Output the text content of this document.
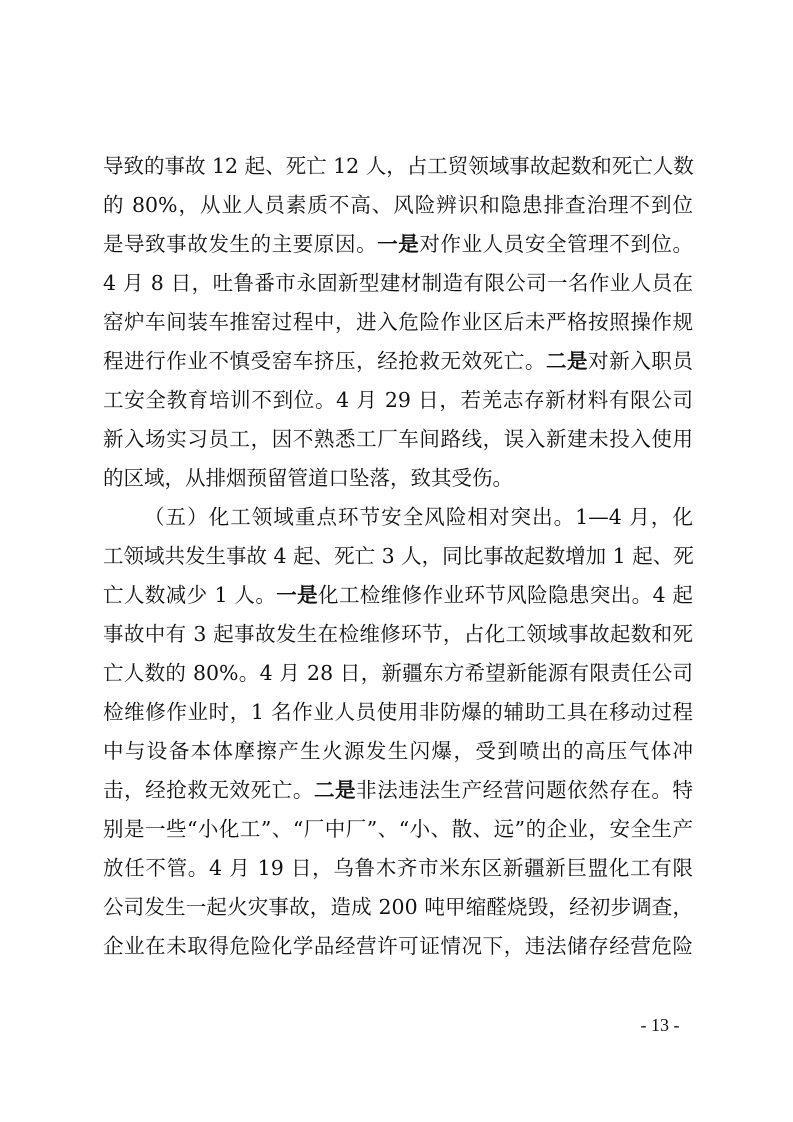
导致的事故 12 起、死亡 12 人，占工贸领域事故起数和死亡人数
的 80%，从业人员素质不高、风险辨识和隐患排查治理不到位
是导致事故发生的主要原因。一是对作业人员安全管理不到位。
4 月 8 日，吐鲁番市永固新型建材制造有限公司一名作业人员在
窑炉车间装车推窑过程中，进入危险作业区后未严格按照操作规
程进行作业不慎受窑车挤压，经抢救无效死亡。二是对新入职员
工安全教育培训不到位。4 月 29 日，若羌志存新材料有限公司
新入场实习员工，因不熟悉工厂车间路线，误入新建未投入使用
的区域，从排烟预留管道口坠落，致其受伤。
（五）化工领域重点环节安全风险相对突出。1—4 月，化
工领域共发生事故 4 起、死亡 3 人，同比事故起数增加 1 起、死
亡人数减少 1 人。一是化工检维修作业环节风险隐患突出。4 起
事故中有 3 起事故发生在检维修环节，占化工领域事故起数和死
亡人数的 80%。4 月 28 日，新疆东方希望新能源有限责任公司
检维修作业时，1 名作业人员使用非防爆的辅助工具在移动过程
中与设备本体摩擦产生火源发生闪爆，受到喷出的高压气体冲
击，经抢救无效死亡。二是非法违法生产经营问题依然存在。特
别是一些“小化工”、“厂中厂”、“小、散、远”的企业，安全生产
放任不管。4 月 19 日，乌鲁木齐市米东区新疆新巨盟化工有限
公司发生一起火灾事故，造成 200 吨甲缩醛烧毁，经初步调查，
企业在未取得危险化学品经营许可证情况下，违法储存经营危险
- 13 -
